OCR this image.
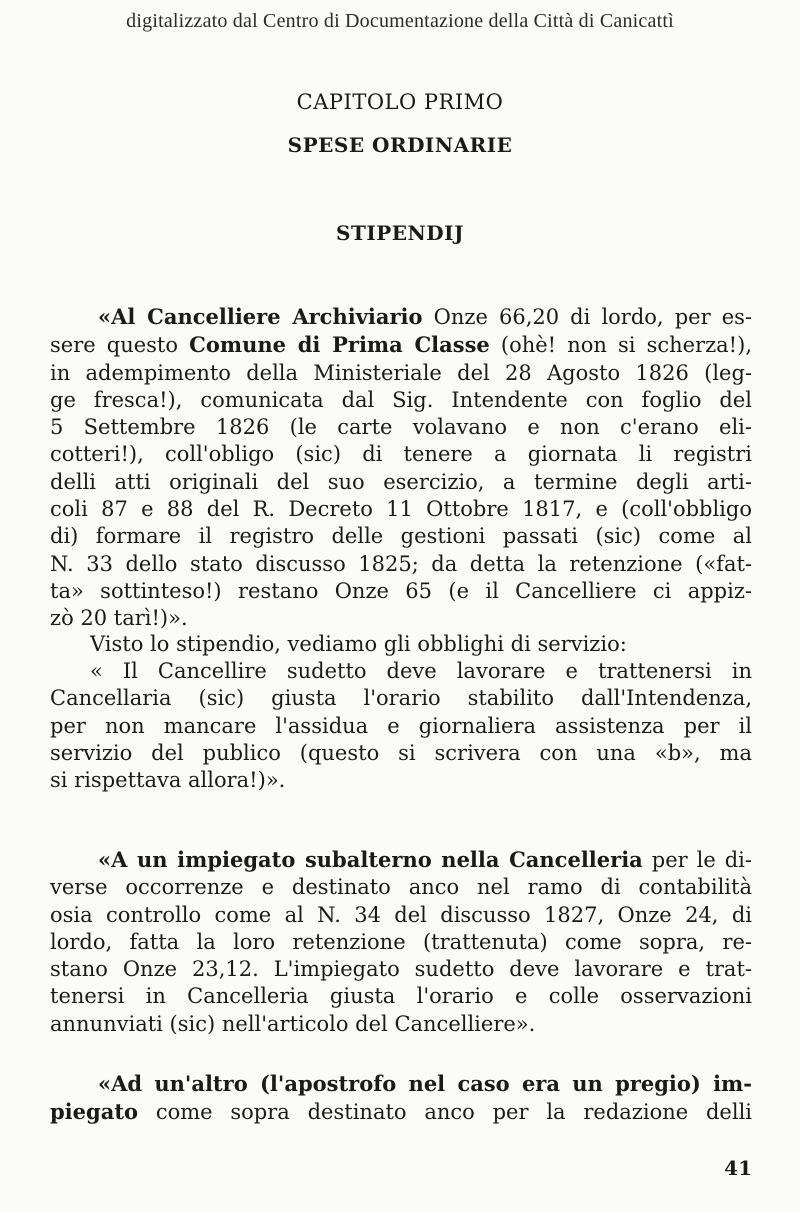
digitalizzato dal Centro di Documentazione della Città di Canicattì
CAPITOLO PRIMO
SPESE ORDINARIE
STIPENDIJ
«Al Cancelliere Archiviario Onze 66,20 di lordo, per es-
sere questo Comune di Prima Classe (ohè! non si scherza!),
in adempimento della Ministeriale del 28 Agosto 1826 (leg-
ge fresca!), comunicata dal Sig. Intendente con foglio del
5 Settembre 1826 (le carte volavano e non c'erano eli-
cotteri!), coll'obligo (sic) di tenere a giornata li registri
delli atti originali del suo esercizio, a termine degli arti-
coli 87 e 88 del R. Decreto 11 Ottobre 1817, e (coll'obbligo
di) formare il registro delle gestioni passati (sic) come al
N. 33 dello stato discusso 1825; da detta la retenzione («fat-
ta» sottinteso!) restano Onze 65 (e il Cancelliere ci appiz-
zò 20 tarì!)».
Visto lo stipendio, vediamo gli obblighi di servizio:
« Il Cancellire sudetto deve lavorare e trattenersi in
Cancellaria (sic) giusta l'orario stabilito dall'Intendenza,
per non mancare l'assidua e giornaliera assistenza per il
servizio del publico (questo si scrivera con una «b», ma
si rispettava allora!)».
«A un impiegato subalterno nella Cancelleria per le di-
verse occorrenze e destinato anco nel ramo di contabilità
osia controllo come al N. 34 del discusso 1827, Onze 24, di
lordo, fatta la loro retenzione (trattenuta) come sopra, re-
stano Onze 23,12. L'impiegato sudetto deve lavorare e trat-
tenersi in Cancelleria giusta l'orario e colle osservazioni
annunviati (sic) nell'articolo del Cancelliere».
«Ad un'altro (l'apostrofo nel caso era un pregio) im-
piegato come sopra destinato anco per la redazione delli
41
